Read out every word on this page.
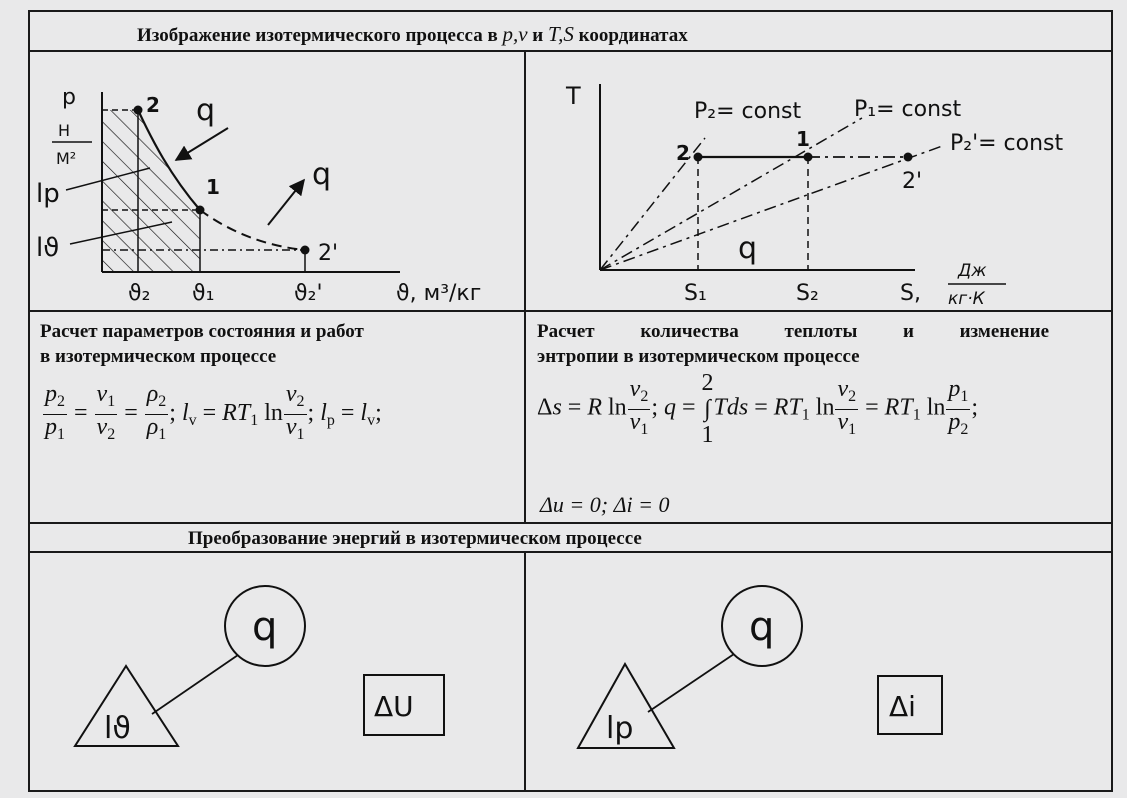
Изображение изотермического процесса в p,v и T,S координатах
p
H
M²
ϑ, м³/кг
ϑ₂ ϑ₁	ϑ₂'
2
1
2'
q
q
lp
lϑ
T
S,
Дж
кг·К
S₁	S₂
P₂= const P₁= const
P₂'= const
2
1
2'
q
q
lϑ
ΔU
q
lp
Δi
Расчет параметров состояния и работ
в изотермическом процессе
$\frac{p_2}{p_1} = \frac{v_1}{v_2} = \frac{\rho_2}{\rho_1}$ ; $l_v = RT_1$ $\ln \frac{v_2}{v_1}$ ; $l_p = l_v$;
Расчет количества теплоты и изменение
энтропии в изотермическом процессе
Δs = R $\ln \frac{v_2}{v_1}$ ; q =
2
∫
1
Tds = $RT_1$ $\ln \frac{v_2}{v_1} = RT_1$ $\ln \frac{p_1}{p_2}$ ;
Δu = 0; Δi = 0
Преобразование энергий в изотермическом процессе
